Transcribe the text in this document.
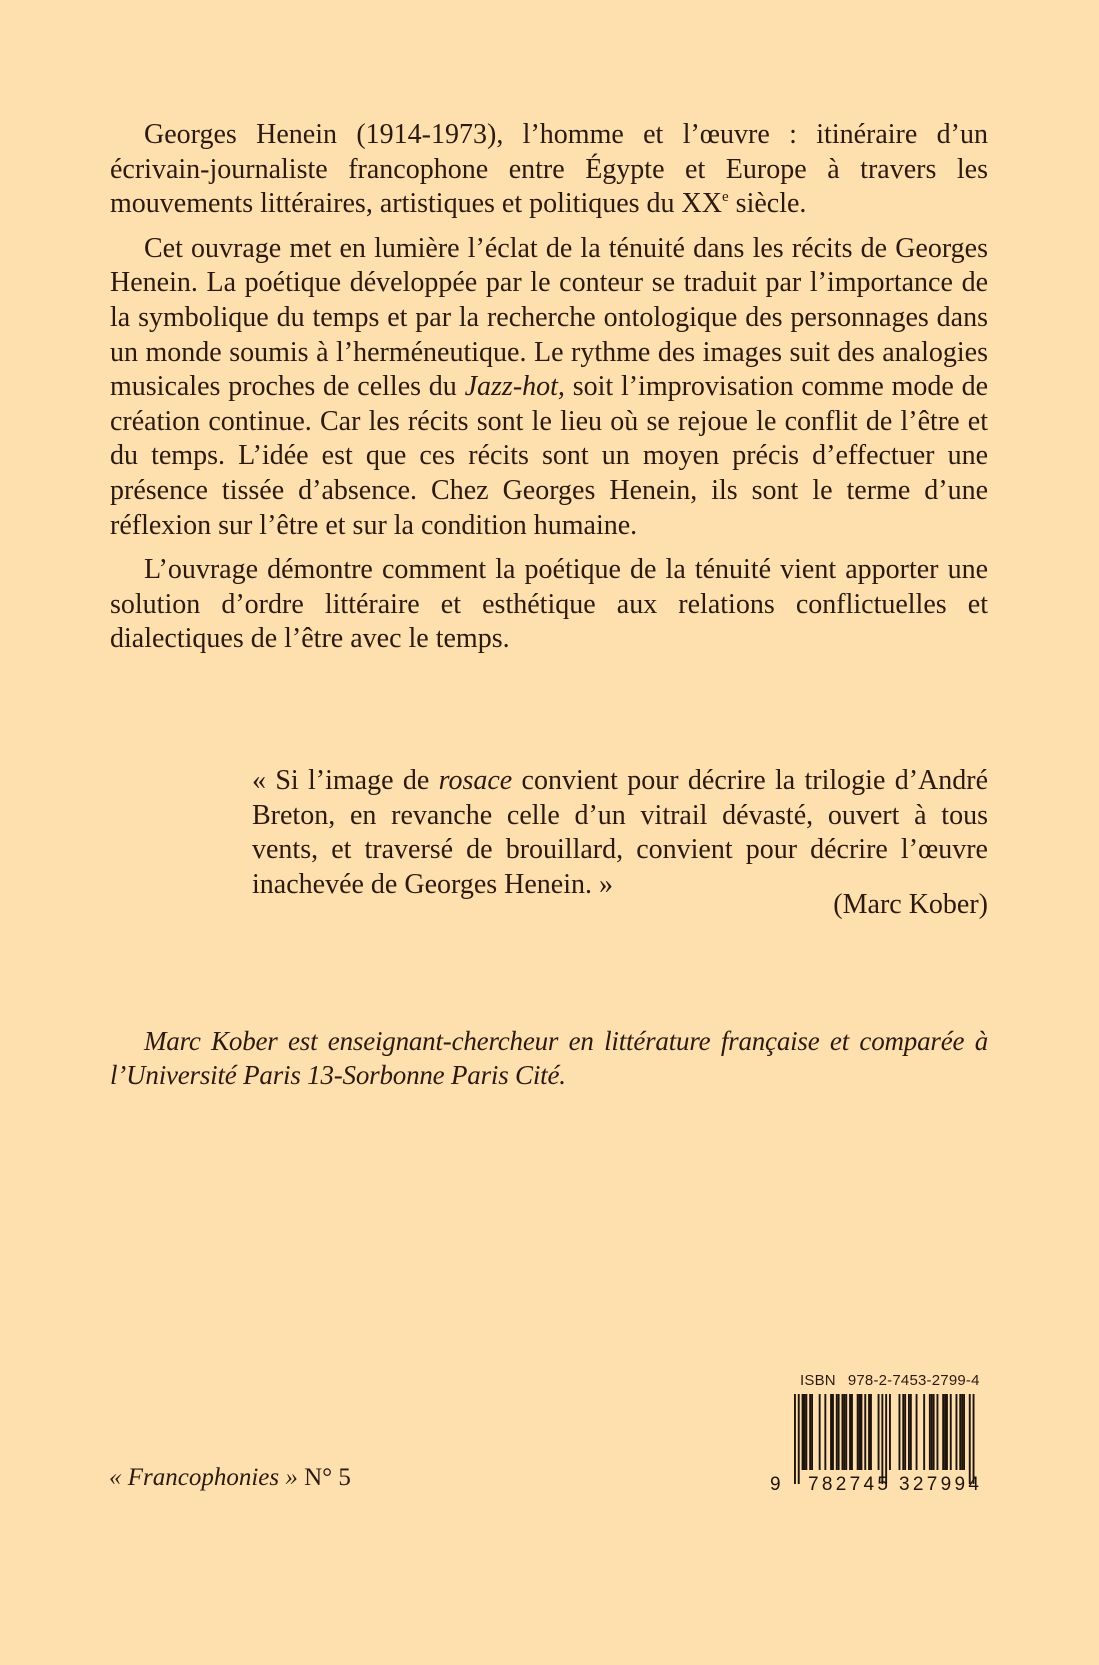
Georges Henein (1914-1973), l’homme et l’œuvre : itinéraire d’un écrivain-journaliste francophone entre Égypte et Europe à travers les mouvements littéraires, artistiques et politiques du XXe siècle.

Cet ouvrage met en lumière l’éclat de la ténuité dans les récits de Georges Henein. La poétique développée par le conteur se traduit par l’importance de la symbolique du temps et par la recherche ontologique des personnages dans un monde soumis à l’herméneutique. Le rythme des images suit des analogies musicales proches de celles du Jazz-hot, soit l’improvisation comme mode de création continue. Car les récits sont le lieu où se rejoue le conflit de l’être et du temps. L’idée est que ces récits sont un moyen précis d’effectuer une présence tissée d’absence. Chez Georges Henein, ils sont le terme d’une réflexion sur l’être et sur la condition humaine.

L’ouvrage démontre comment la poétique de la ténuité vient apporter une solution d’ordre littéraire et esthétique aux relations conflictuelles et dialectiques de l’être avec le temps.

« Si l’image de rosace convient pour décrire la trilogie d’André Breton, en revanche celle d’un vitrail dévasté, ouvert à tous vents, et traversé de brouillard, convient pour décrire l’œuvre inachevée de Georges Henein. »

(Marc Kober)

Marc Kober est enseignant-chercheur en littérature française et comparée à l’Université Paris 13-Sorbonne Paris Cité.

« Francophonies » N° 5
ISBN 978-2-7453-2799-4
9 782745 327994
